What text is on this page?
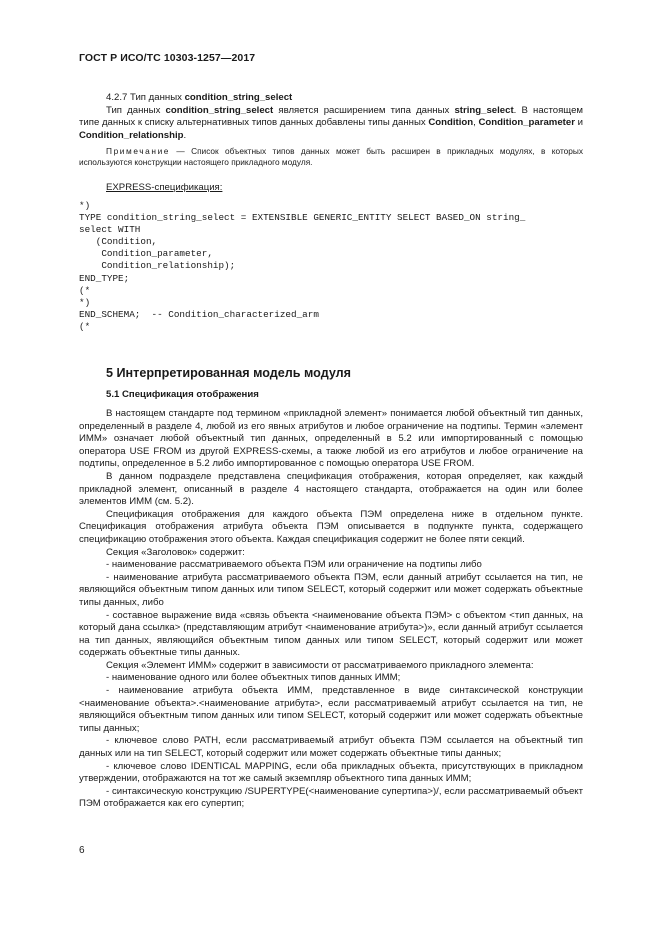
ГОСТ Р ИСО/ТС 10303-1257—2017

4.2.7 Тип данных condition_string_select

Тип данных condition_string_select является расширением типа данных string_select. В настоящем типе данных к списку альтернативных типов данных добавлены типы данных Condition, Condition_parameter и Condition_relationship.

Примечание — Список объектных типов данных может быть расширен в прикладных модулях, в которых используются конструкции настоящего прикладного модуля.

EXPRESS-спецификация:

*)
TYPE condition_string_select = EXTENSIBLE GENERIC_ENTITY SELECT BASED_ON string_
select WITH
(Condition,
Condition_parameter,
Condition_relationship);
END_TYPE;
(*
*)
END_SCHEMA;  -- Condition_characterized_arm
(*
5 Интерпретированная модель модуля
5.1 Спецификация отображения

В настоящем стандарте под термином «прикладной элемент» понимается любой объектный тип данных, определенный в разделе 4, любой из его явных атрибутов и любое ограничение на подтипы. Термин «элемент ИММ» означает любой объектный тип данных, определенный в 5.2 или импортированный с помощью оператора USE FROM из другой EXPRESS-схемы, а также любой из его атрибутов и любое ограничение на подтипы, определенное в 5.2 либо импортированное с помощью оператора USE FROM.

В данном подразделе представлена спецификация отображения, которая определяет, как каждый прикладной элемент, описанный в разделе 4 настоящего стандарта, отображается на один или более элементов ИММ (см. 5.2).

Спецификация отображения для каждого объекта ПЭМ определена ниже в отдельном пункте. Спецификация отображения атрибута объекта ПЭМ описывается в подпункте пункта, содержащего спецификацию отображения этого объекта. Каждая спецификация содержит не более пяти секций.

Секция «Заголовок» содержит:

- наименование рассматриваемого объекта ПЭМ или ограничение на подтипы либо

- наименование атрибута рассматриваемого объекта ПЭМ, если данный атрибут ссылается на тип, не являющийся объектным типом данных или типом SELECT, который содержит или может содержать объектные типы данных, либо

- составное выражение вида «связь объекта <наименование объекта ПЭМ> с объектом <тип данных, на который дана ссылка> (представляющим атрибут <наименование атрибута>)», если данный атрибут ссылается на тип данных, являющийся объектным типом данных или типом SELECT, который содержит или может содержать объектные типы данных.

Секция «Элемент ИММ» содержит в зависимости от рассматриваемого прикладного элемента:

- наименование одного или более объектных типов данных ИММ;

- наименование атрибута объекта ИММ, представленное в виде синтаксической конструкции <наименование объекта>.<наименование атрибута>, если рассматриваемый атрибут ссылается на тип, не являющийся объектным типом данных или типом SELECT, который содержит или может содержать объектные типы данных;

- ключевое слово PATH, если рассматриваемый атрибут объекта ПЭМ ссылается на объектный тип данных или на тип SELECT, который содержит или может содержать объектные типы данных;

- ключевое слово IDENTICAL MAPPING, если оба прикладных объекта, присутствующих в прикладном утверждении, отображаются на тот же самый экземпляр объектного типа данных ИММ;

- синтаксическую конструкцию /SUPERTYPE(<наименование супертипа>)/, если рассматриваемый объект ПЭМ отображается как его супертип;

6
